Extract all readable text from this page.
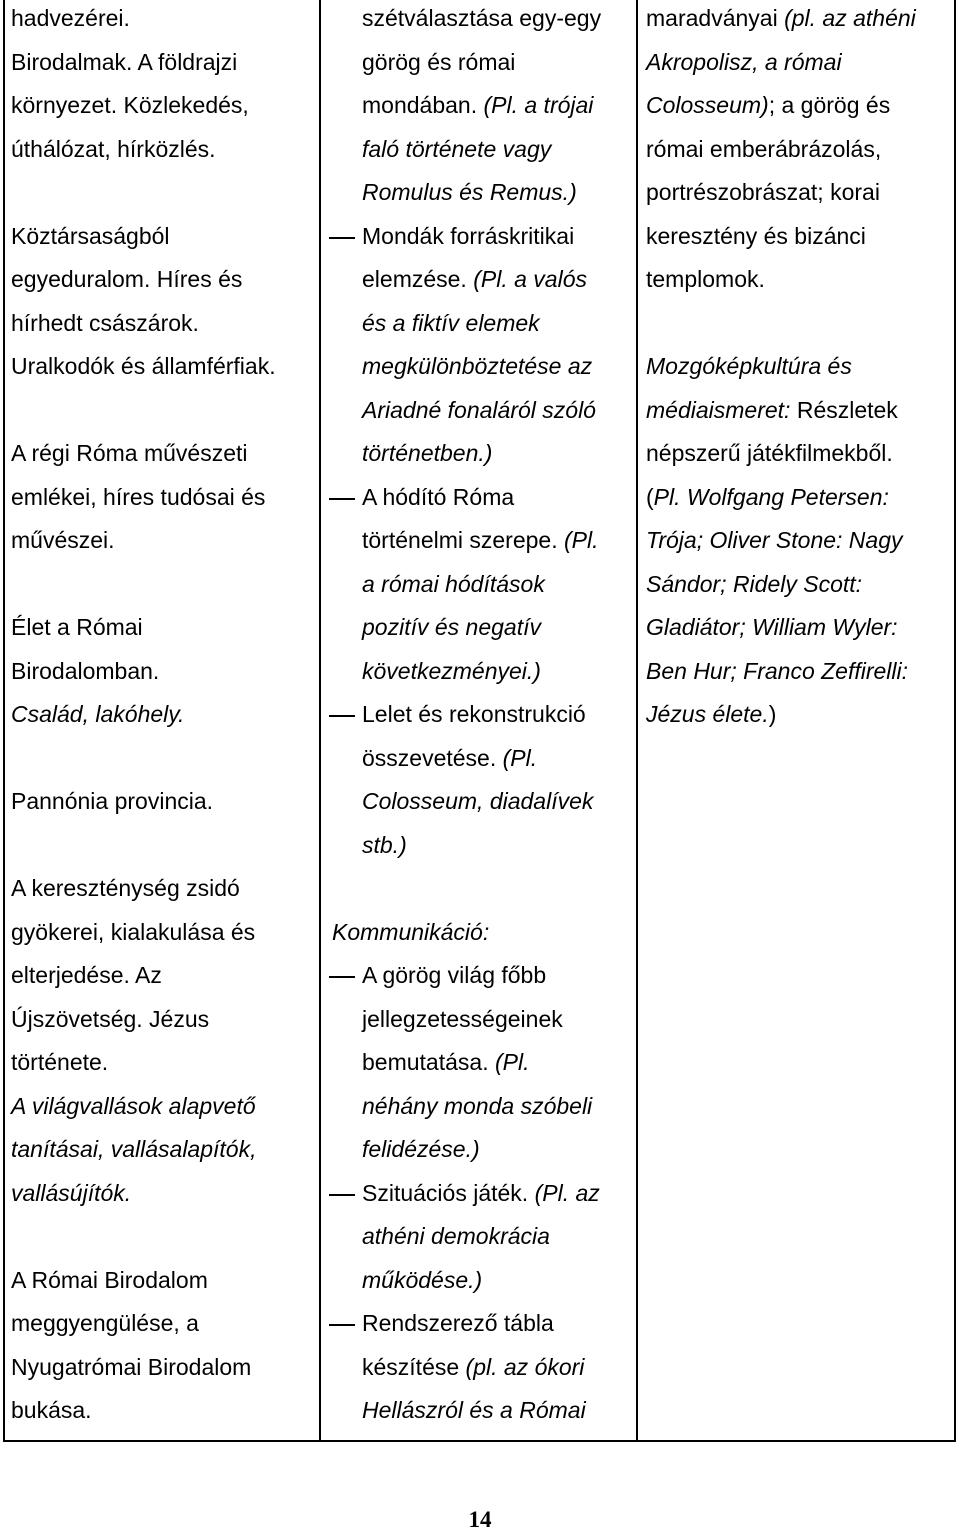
hadvezérei.
Birodalmak. A földrajzi
környezet. Közlekedés,
úthálózat, hírközlés.
Köztársaságból
egyeduralom. Híres és
hírhedt császárok.
Uralkodók és államférfiak.
A régi Róma művészeti
emlékei, híres tudósai és
művészei.
Élet a Római
Birodalomban.
Család, lakóhely.
Pannónia provincia.
A kereszténység zsidó
gyökerei, kialakulása és
elterjedése. Az
Újszövetség. Jézus
története.
A világvallások alapvető
tanításai, vallásalapítók,
vallásújítók.
A Római Birodalom
meggyengülése, a
Nyugatrómai Birodalom
bukása.
szétválasztása egy-egy
görög és római
mondában. (Pl. a trójai
faló története vagy
Romulus és Remus.)
Mondák forráskritikai
elemzése. (Pl. a valós
és a fiktív elemek
megkülönböztetése az
Ariadné fonaláról szóló
történetben.)
A hódító Róma
történelmi szerepe. (Pl.
a római hódítások
pozitív és negatív
következményei.)
Lelet és rekonstrukció
összevetése. (Pl.
Colosseum, diadalívek
stb.)
Kommunikáció:
A görög világ főbb
jellegzetességeinek
bemutatása. (Pl.
néhány monda szóbeli
felidézése.)
Szituációs játék. (Pl. az
athéni demokrácia
működése.)
Rendszerező tábla
készítése (pl. az ókori
Hellászról és a Római
maradványai (pl. az athéni
Akropolisz, a római
Colosseum); a görög és
római emberábrázolás,
portrészobrászat; korai
keresztény és bizánci
templomok.
Mozgóképkultúra és
médiaismeret: Részletek
népszerű játékfilmekből.
(Pl. Wolfgang Petersen:
Trója; Oliver Stone: Nagy
Sándor; Ridely Scott:
Gladiátor; William Wyler:
Ben Hur; Franco Zeffirelli:
Jézus élete.)
14
